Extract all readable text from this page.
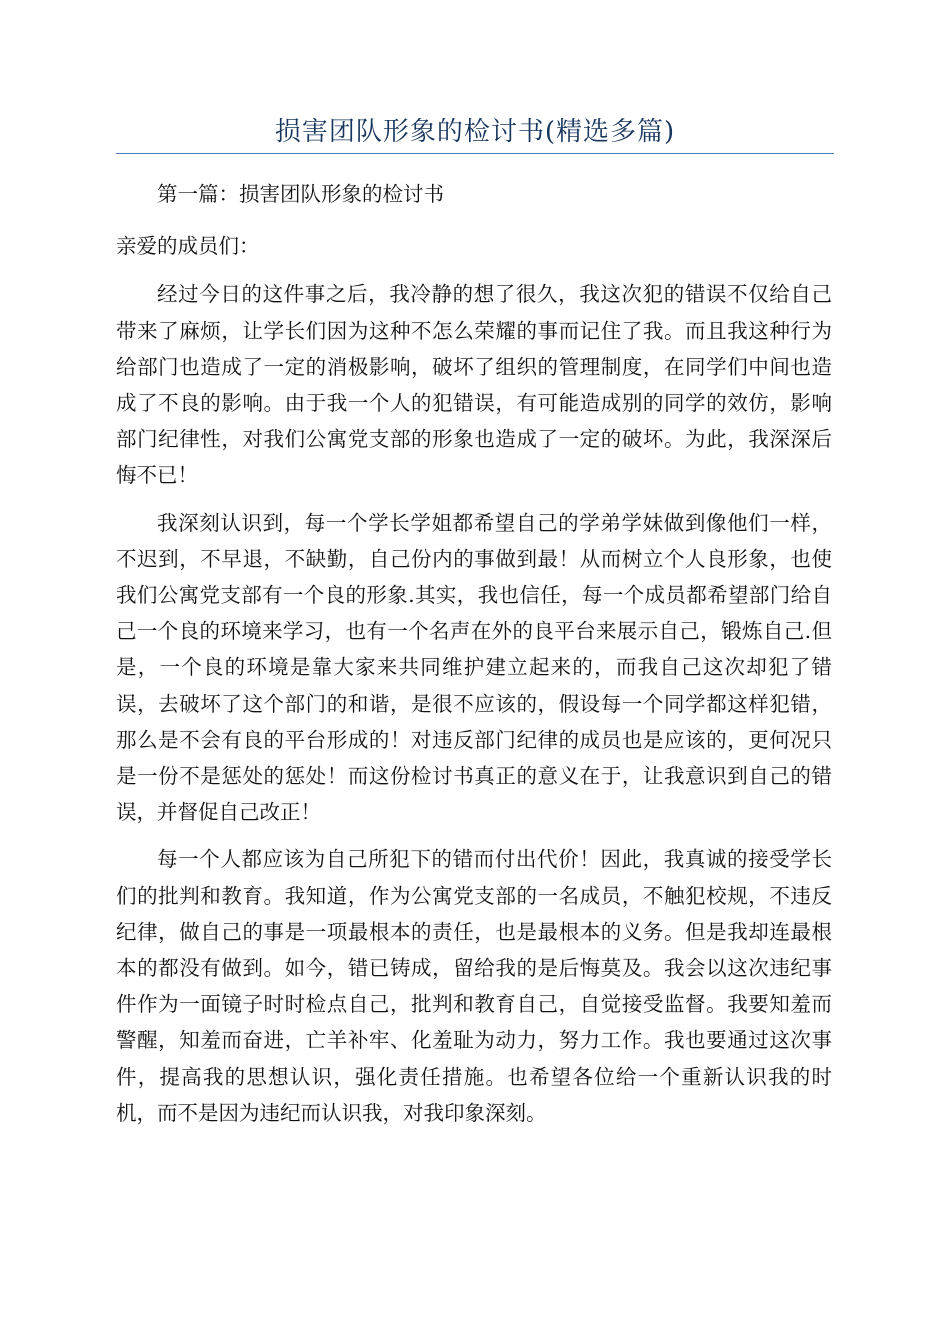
损害团队形象的检讨书(精选多篇)

第一篇：损害团队形象的检讨书

亲爱的成员们：

经过今日的这件事之后，我冷静的想了很久，我这次犯的错误不仅给自己带来了麻烦，让学长们因为这种不怎么荣耀的事而记住了我。而且我这种行为给部门也造成了一定的消极影响，破坏了组织的管理制度，在同学们中间也造成了不良的影响。由于我一个人的犯错误，有可能造成别的同学的效仿，影响部门纪律性，对我们公寓党支部的形象也造成了一定的破坏。为此，我深深后悔不已！

我深刻认识到，每一个学长学姐都希望自己的学弟学妹做到像他们一样，不迟到，不早退，不缺勤，自己份内的事做到最！从而树立个人良形象，也使我们公寓党支部有一个良的形象.其实，我也信任，每一个成员都希望部门给自己一个良的环境来学习，也有一个名声在外的良平台来展示自己，锻炼自己.但是，一个良的环境是靠大家来共同维护建立起来的，而我自己这次却犯了错误，去破坏了这个部门的和谐，是很不应该的，假设每一个同学都这样犯错，那么是不会有良的平台形成的！对违反部门纪律的成员也是应该的，更何况只是一份不是惩处的惩处！而这份检讨书真正的意义在于，让我意识到自己的错误，并督促自己改正！

每一个人都应该为自己所犯下的错而付出代价！因此，我真诚的接受学长们的批判和教育。我知道，作为公寓党支部的一名成员，不触犯校规，不违反纪律，做自己的事是一项最根本的责任，也是最根本的义务。但是我却连最根本的都没有做到。如今，错已铸成，留给我的是后悔莫及。我会以这次违纪事件作为一面镜子时时检点自己，批判和教育自己，自觉接受监督。我要知羞而警醒，知羞而奋进，亡羊补牢、化羞耻为动力，努力工作。我也要通过这次事件，提高我的思想认识，强化责任措施。也希望各位给一个重新认识我的时机，而不是因为违纪而认识我，对我印象深刻。
